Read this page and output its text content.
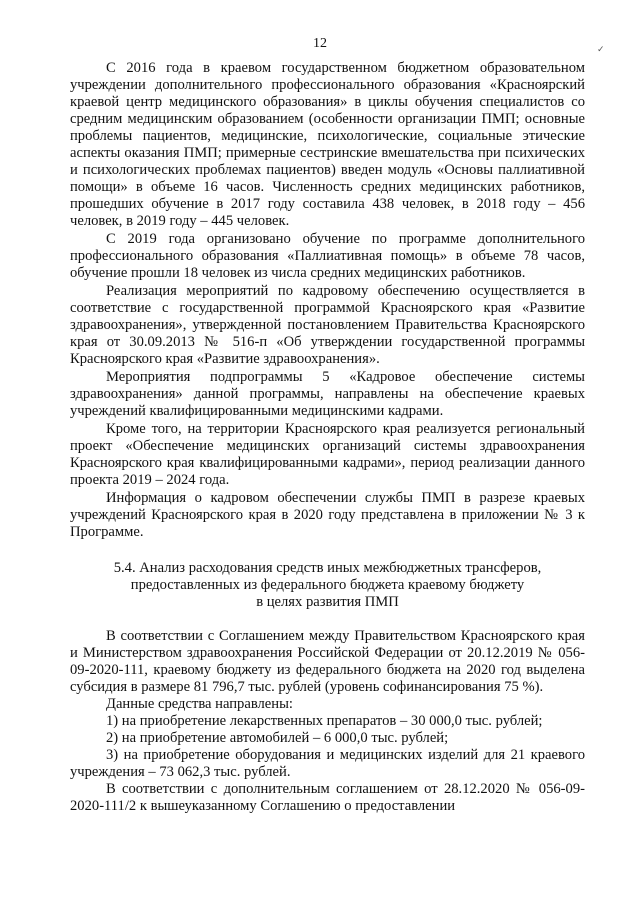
12	✓

С 2016 года в краевом государственном бюджетном образовательном учреждении дополнительного профессионального образования «Красноярский краевой центр медицинского образования» в циклы обучения специалистов со средним медицинским образованием (особенности организации ПМП; основные проблемы пациентов, медицинские, психологические, социальные этические аспекты оказания ПМП; примерные сестринские вмешательства при психических и психологических проблемах пациентов) введен модуль «Основы паллиативной помощи» в объеме 16 часов. Численность средних медицинских работников, прошедших обучение в 2017 году составила 438 человек, в 2018 году – 456 человек, в 2019 году – 445 человек.

С 2019 года организовано обучение по программе дополнительного профессионального образования «Паллиативная помощь» в объеме 78 часов, обучение прошли 18 человек из числа средних медицинских работников.

Реализация мероприятий по кадровому обеспечению осуществляется в соответствие с государственной программой Красноярского края «Развитие здравоохранения», утвержденной постановлением Правительства Красноярского края от 30.09.2013 № 516-п «Об утверждении государственной программы Красноярского края «Развитие здравоохранения».

Мероприятия подпрограммы 5 «Кадровое обеспечение системы здравоохранения» данной программы, направлены на обеспечение краевых учреждений квалифицированными медицинскими кадрами.

Кроме того, на территории Красноярского края реализуется региональный проект «Обеспечение медицинских организаций системы здравоохранения Красноярского края квалифицированными кадрами», период реализации данного проекта 2019 – 2024 года.

Информация о кадровом обеспечении службы ПМП в разрезе краевых учреждений Красноярского края в 2020 году представлена в приложении № 3 к Программе.

5.4. Анализ расходования средств иных межбюджетных трансферов,
предоставленных из федерального бюджета краевому бюджету
в целях развития ПМП

В соответствии с Соглашением между Правительством Красноярского края и Министерством здравоохранения Российской Федерации от 20.12.2019 № 056-09-2020-111, краевому бюджету из федерального бюджета на 2020 год выделена субсидия в размере 81 796,7 тыс. рублей (уровень софинансирования 75 %).

Данные средства направлены:

1) на приобретение лекарственных препаратов – 30 000,0 тыс. рублей;

2) на приобретение автомобилей – 6 000,0 тыс. рублей;

3) на приобретение оборудования и медицинских изделий для 21 краевого учреждения – 73 062,3 тыс. рублей.

В соответствии с дополнительным соглашением от 28.12.2020 № 056-09-2020-111/2 к вышеуказанному Соглашению о предоставлении
